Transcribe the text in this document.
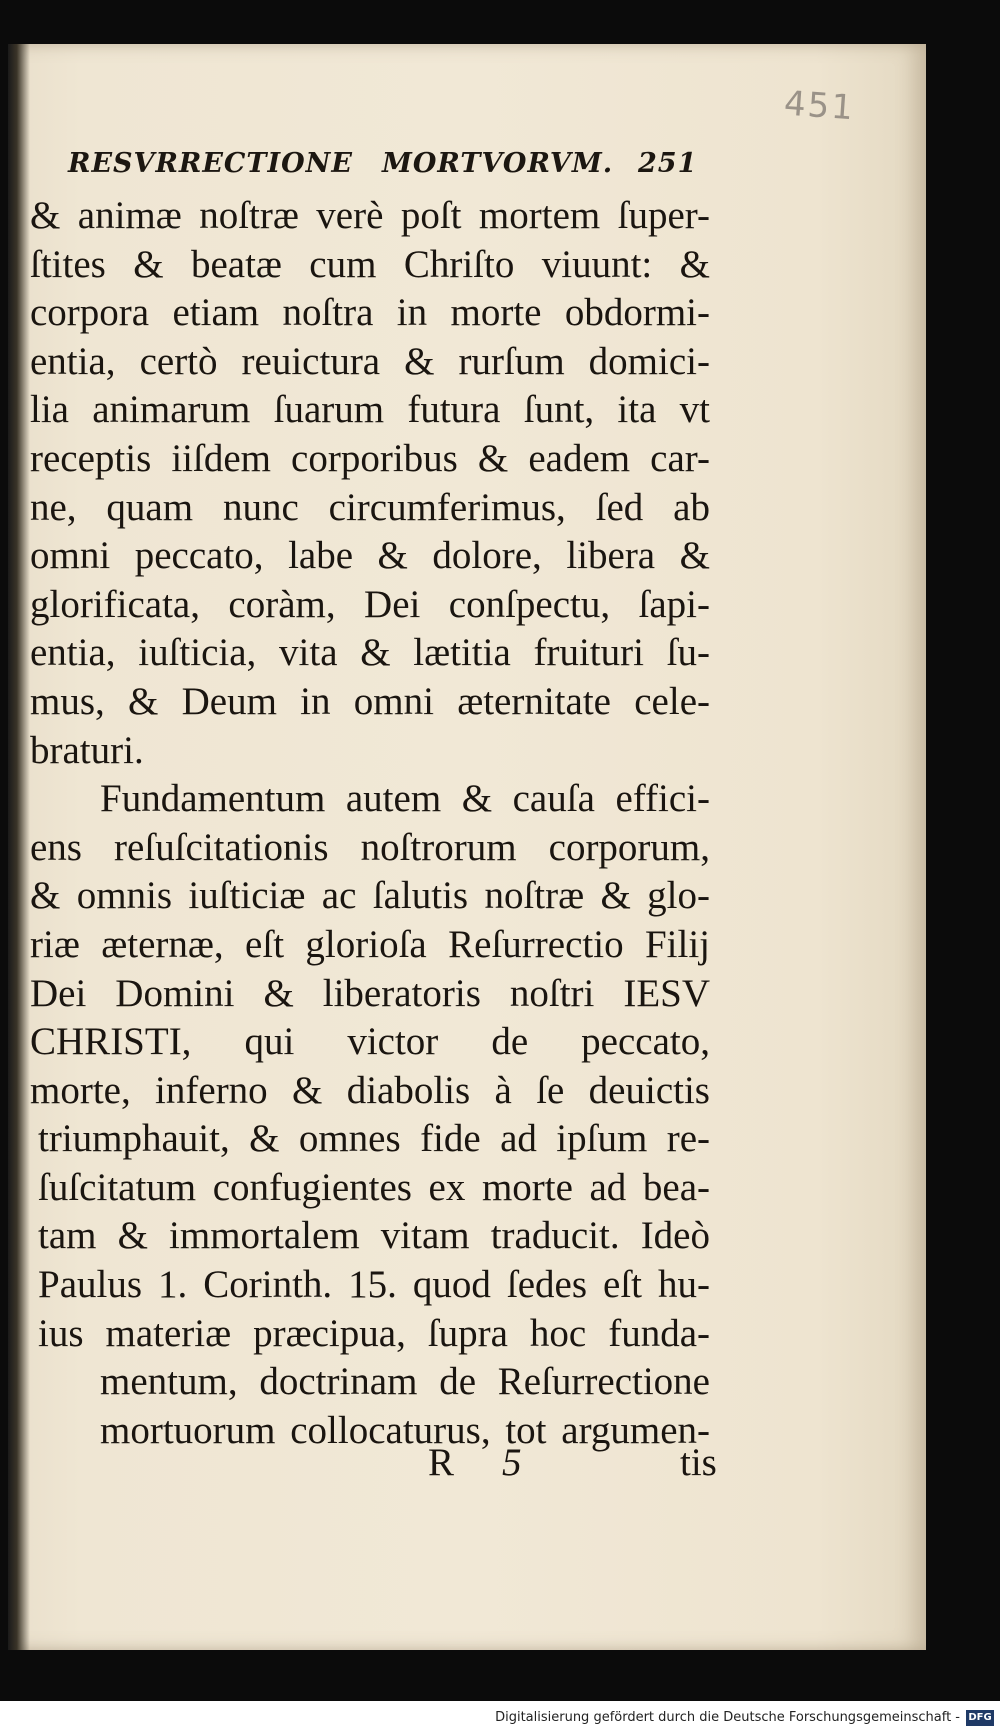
451
RESVRRECTIONE MORTVORVM. 251
& animæ noſtræ verè poſt mortem ſuper-
ſtites & beatæ cum Chriſto viuunt: &
corpora etiam noſtra in morte obdormi-
entia, certò reuictura & rurſum domici-
lia animarum ſuarum futura ſunt, ita vt
receptis iiſdem corporibus & eadem car-
ne, quam nunc circumferimus, ſed ab
omni peccato, labe & dolore, libera &
glorificata, coràm, Dei conſpectu, ſapi-
entia, iuſticia, vita & lætitia fruituri ſu-
mus, & Deum in omni æternitate cele-
braturi.
Fundamentum autem & cauſa effici-
ens reſuſcitationis noſtrorum corporum,
& omnis iuſticiæ ac ſalutis noſtræ & glo-
riæ æternæ, eſt glorioſa Reſurrectio Filij
Dei Domini & liberatoris noſtri IESV
CHRISTI, qui victor de peccato,
morte, inferno & diabolis à ſe deuictis
triumphauit, & omnes fide ad ipſum re-
ſuſcitatum confugientes ex morte ad bea-
tam & immortalem vitam traducit. Ideò
Paulus 1. Corinth. 15. quod ſedes eſt hu-
ius materiæ præcipua, ſupra hoc funda-
mentum, doctrinam de Reſurrectione
mortuorum collocaturus, tot argumen-
R 5	tis
Digitalisierung gefördert durch die Deutsche Forschungsgemeinschaft - DFG
